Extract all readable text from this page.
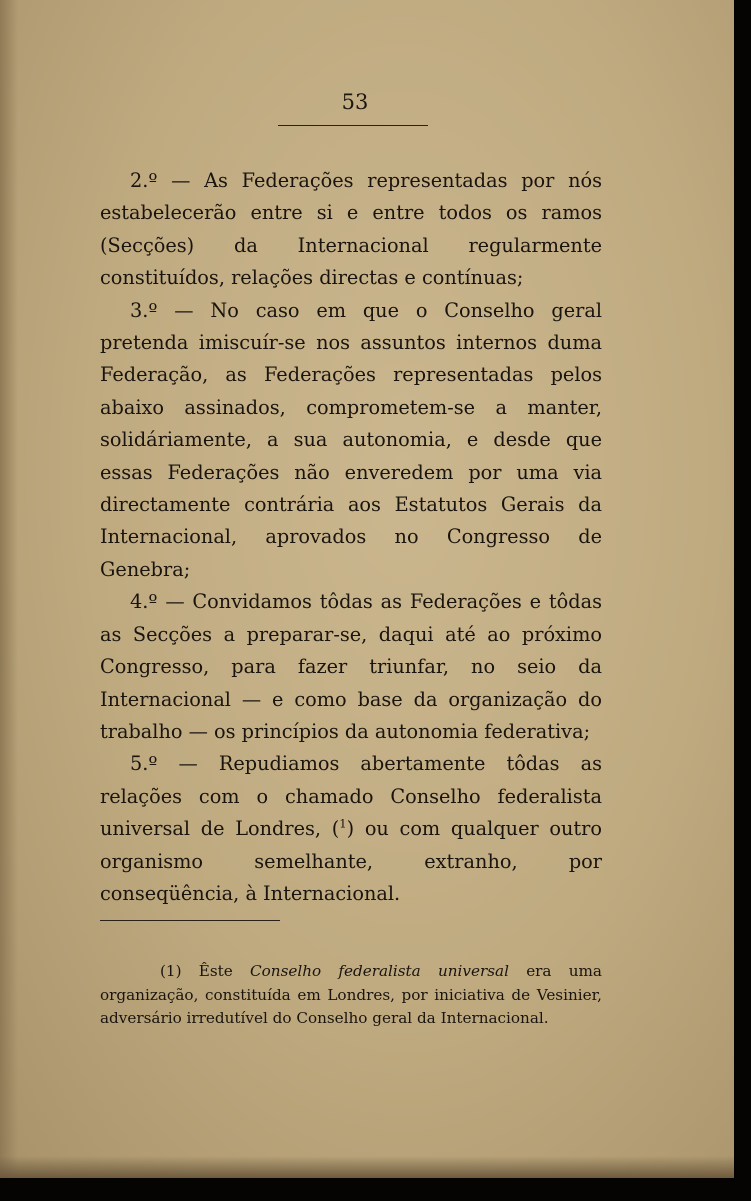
53

2.º — As Federações representadas por nós estabelecerão entre si e entre todos os ramos (Secções) da Internacional regularmente constituídos, relações directas e contínuas;

3.º — No caso em que o Conselho geral pretenda imiscuír-se nos assuntos internos duma Federação, as Federações representadas pelos abaixo assinados, comprometem-se a manter, solidáriamente, a sua autonomia, e desde que essas Federações não enveredem por uma via directamente contrária aos Estatutos Gerais da Internacional, aprovados no Congresso de Genebra;

4.º — Convidamos tôdas as Federações e tôdas as Secções a preparar-se, daqui até ao próximo Congresso, para fazer triunfar, no seio da Internacional — e como base da organização do trabalho — os princípios da autonomia federativa;

5.º — Repudiamos abertamente tôdas as relações com o chamado Conselho federalista universal de Londres, ($^1$) ou com qualquer outro organismo semelhante, extranho, por conseqüência, à Internacional.

(1) Êste Conselho federalista universal era uma organização, constituída em Londres, por iniciativa de Vesinier, adversário irredutível do Conselho geral da Internacional.
